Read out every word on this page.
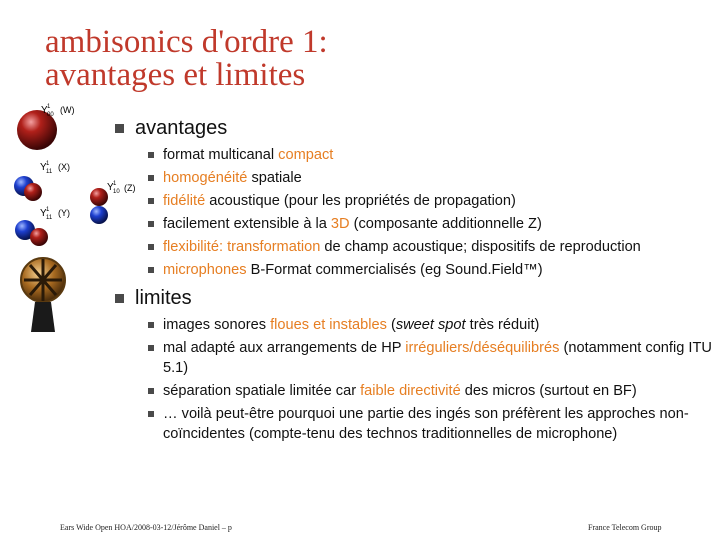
ambisonics d'ordre 1:
avantages et limites
Y 1
00 (W)
Y 1
11 (X)
Y 1
10 (Z)
Y 1
11 (Y)
avantages
format multicanal compact
homogénéité spatiale
fidélité acoustique (pour les propriétés de propagation)
facilement extensible à la 3D (composante additionnelle Z)
flexibilité: transformation de champ acoustique; dispositifs de reproduction
microphones B-Format commercialisés (eg Sound.Field™)
limites
images sonores floues et instables (sweet spot très réduit)
mal adapté aux arrangements de HP irréguliers/déséquilibrés (notamment config ITU 5.1)
séparation spatiale limitée car faible directivité des micros (surtout en BF)
… voilà peut-être pourquoi une partie des ingés son préfèrent les approches non-coïncidentes (compte-tenu des technos traditionnelles de microphone)
Ears Wide Open HOA/2008-03-12/Jérôme Daniel – p	France Telecom Group
